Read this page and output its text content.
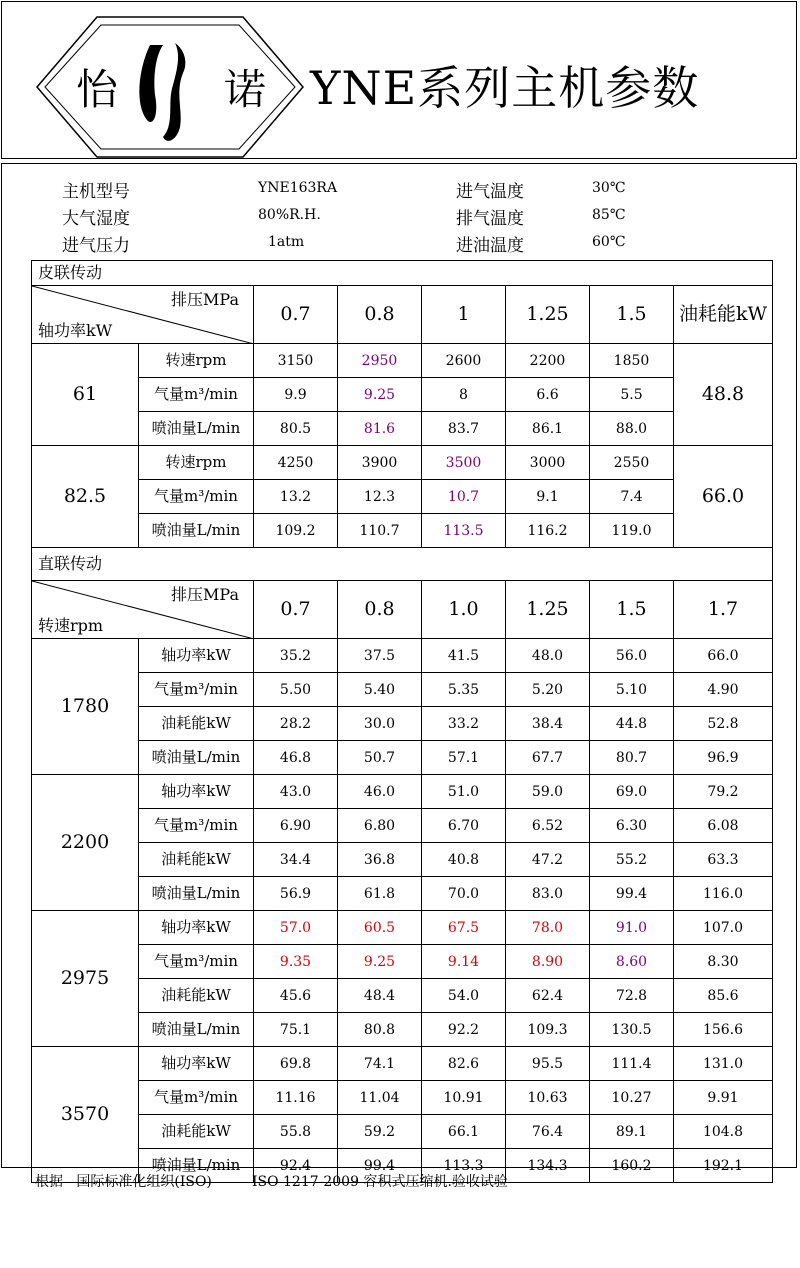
怡	诺 YNE系列主机参数
主机型号	YNE163RA
大气湿度	80%R.H.
进气压力	1atm
进气温度	30℃
排气温度	85℃
进油温度	60℃
皮联传动							

排压MPa
轴功率kW		0.7	0.8	1	1.25	1.5	油耗能kW
61	转速rpm	3150	2950	2600	2200	1850	48.8
	气量m³/min	9.9	9.25	8	6.6	5.5	
	喷油量L/min	80.5	81.6	83.7	86.1	88.0	
82.5	转速rpm	4250	3900	3500	3000	2550	66.0
	气量m³/min	13.2	12.3	10.7	9.1	7.4	
	喷油量L/min	109.2	110.7	113.5	116.2	119.0	
直联传动							

排压MPa
转速rpm		0.7	0.8	1.0	1.25	1.5	1.7
1780	轴功率kW	35.2	37.5	41.5	48.0	56.0	66.0
	气量m³/min	5.50	5.40	5.35	5.20	5.10	4.90
	油耗能kW	28.2	30.0	33.2	38.4	44.8	52.8
	喷油量L/min	46.8	50.7	57.1	67.7	80.7	96.9
2200	轴功率kW	43.0	46.0	51.0	59.0	69.0	79.2
	气量m³/min	6.90	6.80	6.70	6.52	6.30	6.08
	油耗能kW	34.4	36.8	40.8	47.2	55.2	63.3
	喷油量L/min	56.9	61.8	70.0	83.0	99.4	116.0
2975	轴功率kW	57.0	60.5	67.5	78.0	91.0	107.0
	气量m³/min	9.35	9.25	9.14	8.90	8.60	8.30
	油耗能kW	45.6	48.4	54.0	62.4	72.8	85.6
	喷油量L/min	75.1	80.8	92.2	109.3	130.5	156.6
3570	轴功率kW	69.8	74.1	82.6	95.5	111.4	131.0
	气量m³/min	11.16	11.04	10.91	10.63	10.27	9.91
	油耗能kW	55.8	59.2	66.1	76.4	89.1	104.8
	喷油量L/min	92.4	99.4	113.3	134.3	160.2	192.1
根据 国际标准化组织(ISO)	ISO 1217-2009 容积式压缩机.验收试验
